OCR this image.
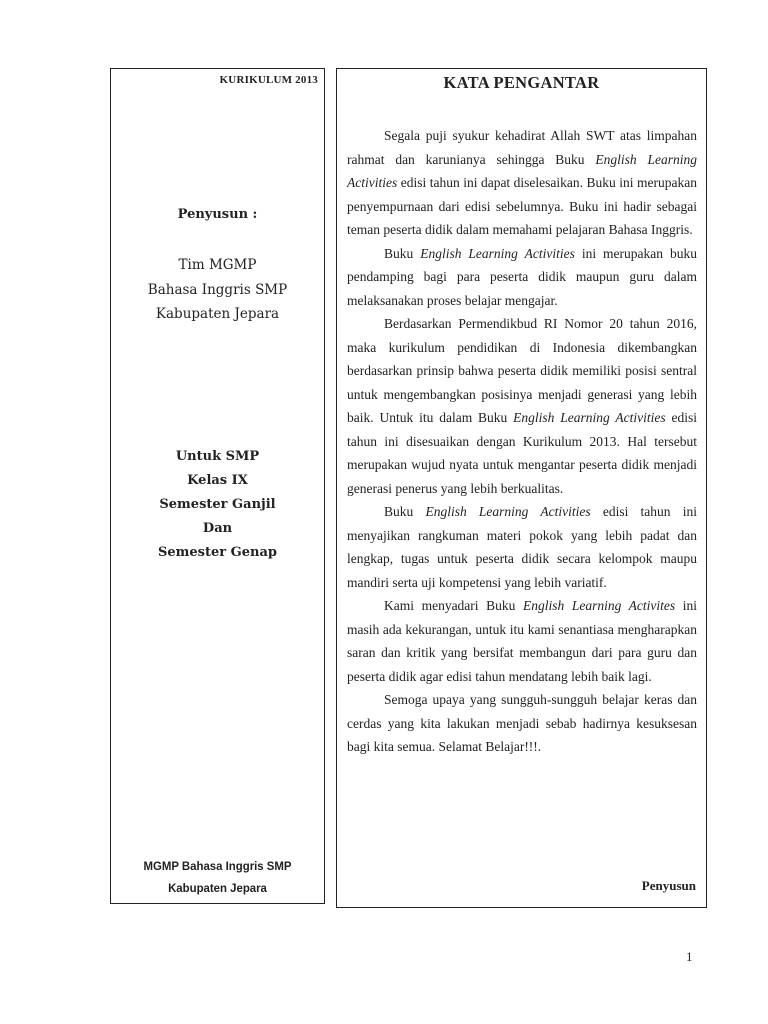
KURIKULUM 2013
Penyusun :
Tim MGMP
Bahasa Inggris SMP
Kabupaten Jepara
Untuk SMP
Kelas IX
Semester Ganjil
Dan
Semester Genap
MGMP Bahasa Inggris SMP
Kabupaten Jepara
KATA PENGANTAR

Segala puji syukur kehadirat Allah SWT atas limpahan rahmat dan karunianya sehingga Buku English Learning Activities edisi tahun ini dapat diselesaikan. Buku ini merupakan penyempurnaan dari edisi sebelumnya. Buku ini hadir sebagai teman peserta didik dalam memahami pelajaran Bahasa Inggris.

Buku English Learning Activities ini merupakan buku pendamping bagi para peserta didik maupun guru dalam melaksanakan proses belajar mengajar.

Berdasarkan Permendikbud RI Nomor 20 tahun 2016, maka kurikulum pendidikan di Indonesia dikembangkan berdasarkan prinsip bahwa peserta didik memiliki posisi sentral untuk mengembangkan posisinya menjadi generasi yang lebih baik. Untuk itu dalam Buku English Learning Activities edisi tahun ini disesuaikan dengan Kurikulum 2013. Hal tersebut merupakan wujud nyata untuk mengantar peserta didik menjadi generasi penerus yang lebih berkualitas.

Buku English Learning Activities edisi tahun ini menyajikan rangkuman materi pokok yang lebih padat dan lengkap, tugas untuk peserta didik secara kelompok maupu mandiri serta uji kompetensi yang lebih variatif.

Kami menyadari Buku English Learning Activites ini masih ada kekurangan, untuk itu kami senantiasa mengharapkan saran dan kritik yang bersifat membangun dari para guru dan peserta didik agar edisi tahun mendatang lebih baik lagi.

Semoga upaya yang sungguh-sungguh belajar keras dan cerdas yang kita lakukan menjadi sebab hadirnya kesuksesan bagi kita semua. Selamat Belajar!!!.

Penyusun
1
